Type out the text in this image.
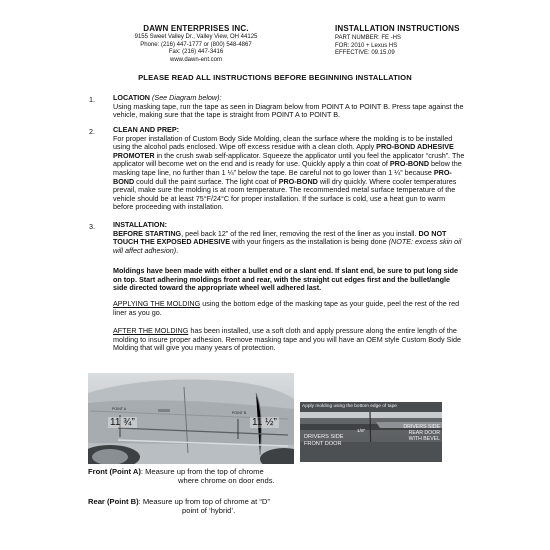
DAWN ENTERPRISES INC.
9155 Sweet Valley Dr., Valley View, OH 44125
Phone: (216) 447-1777 or (800) 548-4867
Fax: (216) 447-3416
www.dawn-ent.com
INSTALLATION INSTRUCTIONS
PART NUMBER: FE -HS
FOR: 2010 + Lexus HS
EFFECTIVE: 09.15.09
PLEASE READ ALL INSTRUCTIONS BEFORE BEGINNING INSTALLATION
1.	LOCATION (See Diagram below):
Using masking tape, run the tape as seen in Diagram below from POINT A to POINT B. Press tape against the vehicle, making sure that the tape is straight from POINT A to POINT B.
2.	CLEAN AND PREP:
For proper installation of Custom Body Side Molding, clean the surface where the molding is to be installed using the alcohol pads enclosed. Wipe off excess residue with a clean cloth. Apply PRO-BOND ADHESIVE PROMOTER in the crush swab self-applicator. Squeeze the applicator until you feel the applicator “crush”. The applicator will become wet on the end and is ready for use. Quickly apply a thin coat of PRO-BOND below the masking tape line, no further than 1 ¼” below the tape. Be careful not to go lower than 1 ¼” because PRO-BOND could dull the paint surface. The light coat of PRO-BOND will dry quickly. Where cooler temperatures prevail, make sure the molding is at room temperature. The recommended metal surface temperature of the vehicle should be at least 75°F/24°C for proper installation. If the surface is cold, use a heat gun to warm before proceeding with installation.
3.	INSTALLATION:
BEFORE STARTING, peel back 12” of the red liner, removing the rest of the liner as you install. DO NOT TOUCH THE EXPOSED ADHESIVE with your fingers as the installation is being done (NOTE: excess skin oil will affect adhesion).
Moldings have been made with either a bullet end or a slant end. If slant end, be sure to put long side on top. Start adhering moldings front and rear, with the straight cut edges first and the bullet/angle side directed toward the appropriate wheel well adhered last.
APPLYING THE MOLDING using the bottom edge of the masking tape as your guide, peel the rest of the red liner as you go.
AFTER THE MOLDING has been installed, use a soft cloth and apply pressure along the entire length of the molding to insure proper adhesion. Remove masking tape and you will have an OEM style Custom Body Side Molding that will give you many years of protection.
POINT A
POINT B
11 ¾”	11 ½”
Apply molding using the bottom edge of tape
DRIVERS SIDE
FRONT DOOR
1/8”
DRIVERS SIDE
REAR DOOR
WITH BEVEL
Front (Point A): Measure up from the top of chrome
where chrome on door ends.
Rear (Point B): Measure up from top of chrome at “D”
point of ‘hybrid’.
